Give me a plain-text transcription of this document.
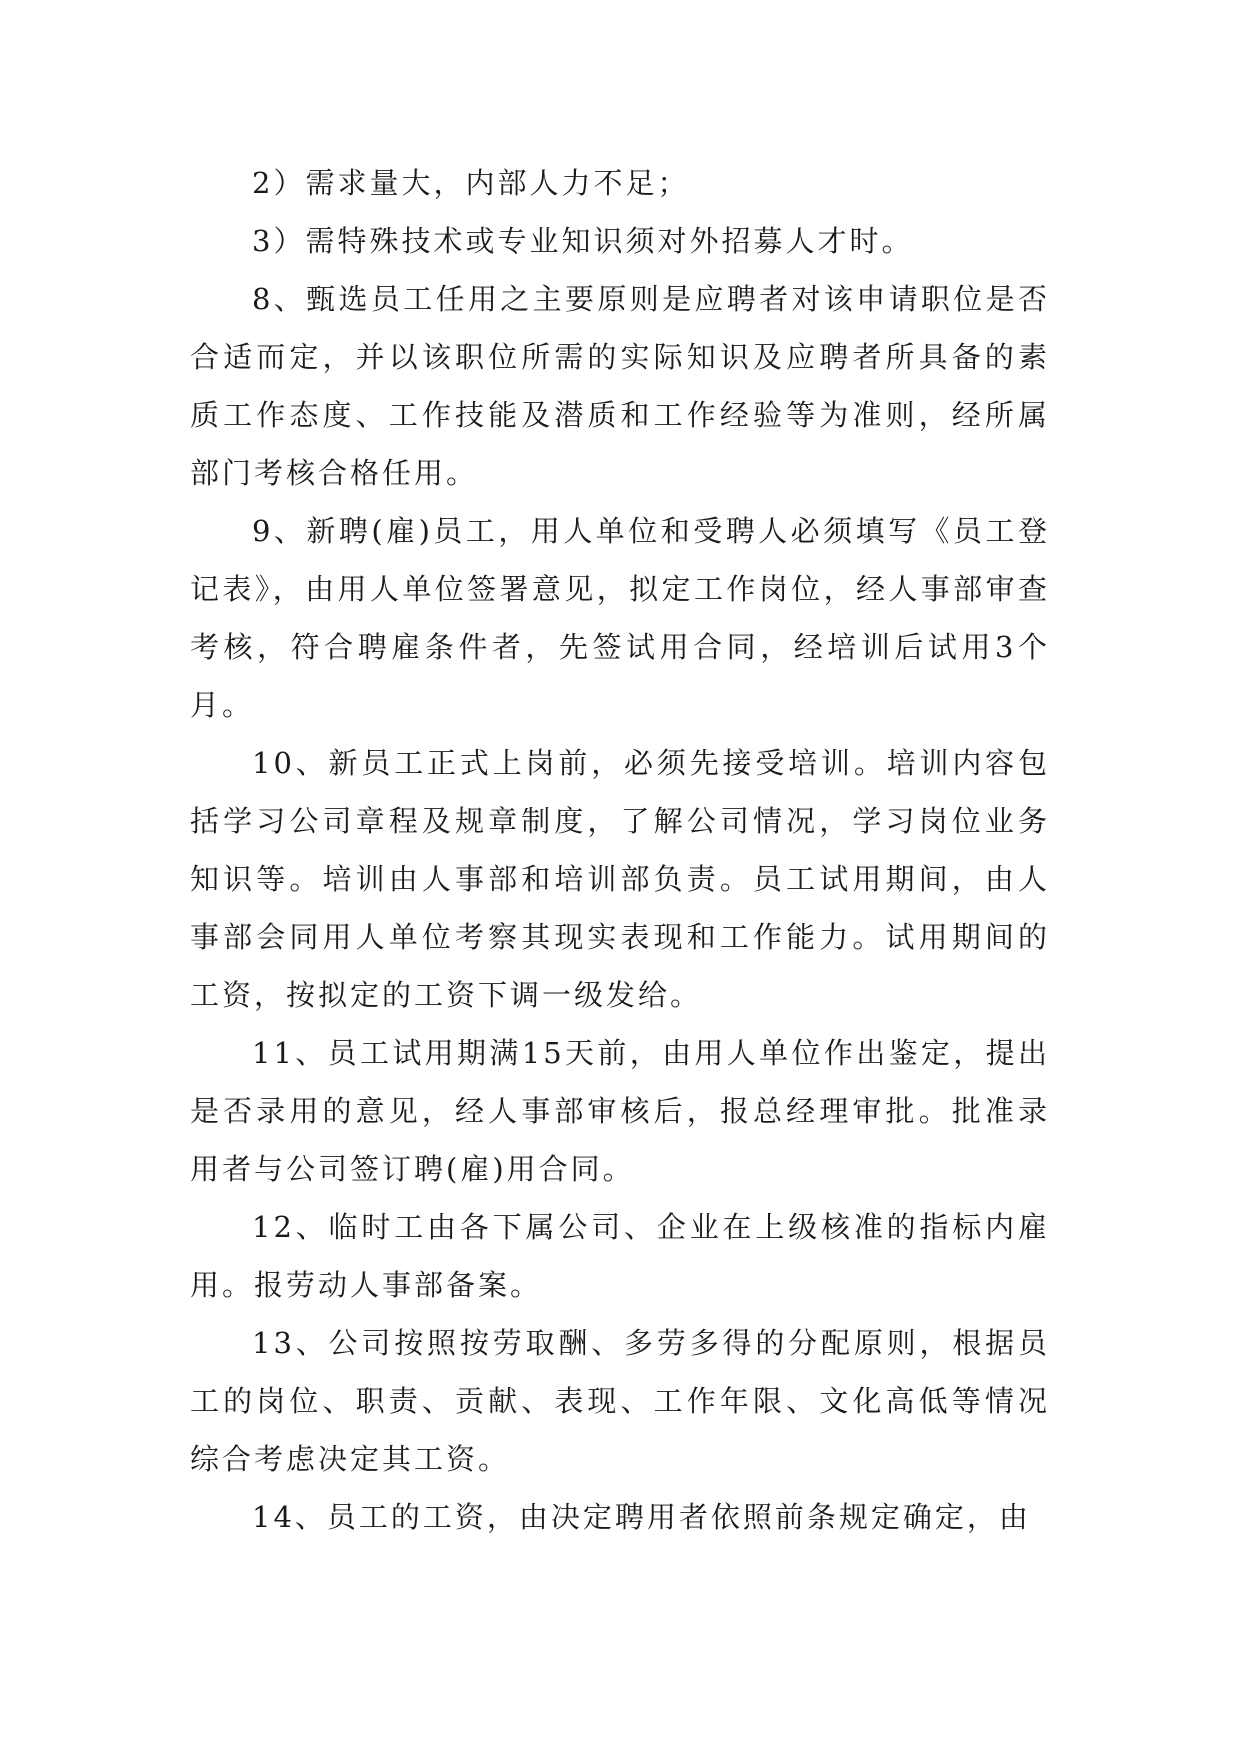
2）需求量大，内部人力不足；

3）需特殊技术或专业知识须对外招募人才时。

8、甄选员工任用之主要原则是应聘者对该申请职位是否合适而定，并以该职位所需的实际知识及应聘者所具备的素质工作态度、工作技能及潜质和工作经验等为准则，经所属部门考核合格任用。

9、新聘(雇)员工，用人单位和受聘人必须填写《员工登记表》，由用人单位签署意见，拟定工作岗位，经人事部审查考核，符合聘雇条件者，先签试用合同，经培训后试用3个月。

10、新员工正式上岗前，必须先接受培训。培训内容包括学习公司章程及规章制度，了解公司情况，学习岗位业务知识等。培训由人事部和培训部负责。员工试用期间，由人事部会同用人单位考察其现实表现和工作能力。试用期间的工资，按拟定的工资下调一级发给。

11、员工试用期满15天前，由用人单位作出鉴定，提出是否录用的意见，经人事部审核后，报总经理审批。批准录用者与公司签订聘(雇)用合同。

12、临时工由各下属公司、企业在上级核准的指标内雇用。报劳动人事部备案。

13、公司按照按劳取酬、多劳多得的分配原则，根据员工的岗位、职责、贡献、表现、工作年限、文化高低等情况综合考虑决定其工资。

14、员工的工资，由决定聘用者依照前条规定确定，由
